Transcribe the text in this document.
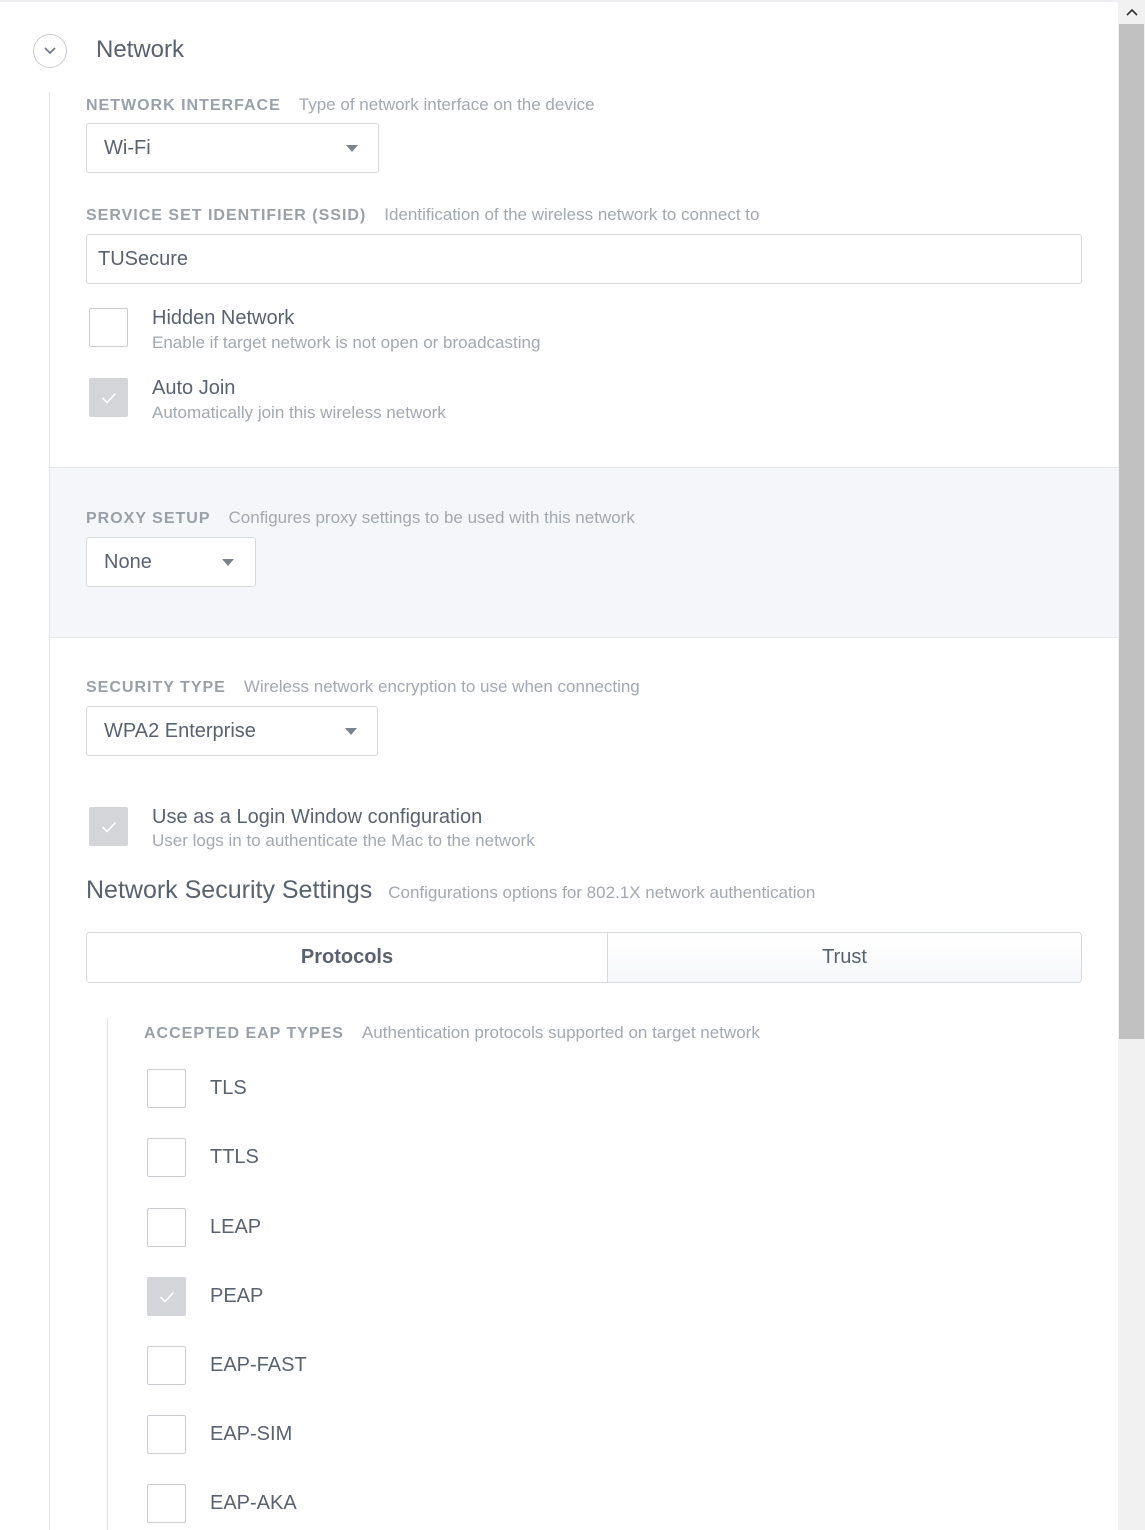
Network
NETWORK INTERFACE Type of network interface on the device
Wi-Fi
SERVICE SET IDENTIFIER (SSID) Identification of the wireless network to connect to
TUSecure
Hidden Network
Enable if target network is not open or broadcasting
Auto Join
Automatically join this wireless network
PROXY SETUP Configures proxy settings to be used with this network
None
SECURITY TYPE Wireless network encryption to use when connecting
WPA2 Enterprise
Use as a Login Window configuration
User logs in to authenticate the Mac to the network
Network Security Settings Configurations options for 802.1X network authentication
Protocols	Trust
ACCEPTED EAP TYPES Authentication protocols supported on target network
TLS
TTLS
LEAP
PEAP
EAP-FAST
EAP-SIM
EAP-AKA
